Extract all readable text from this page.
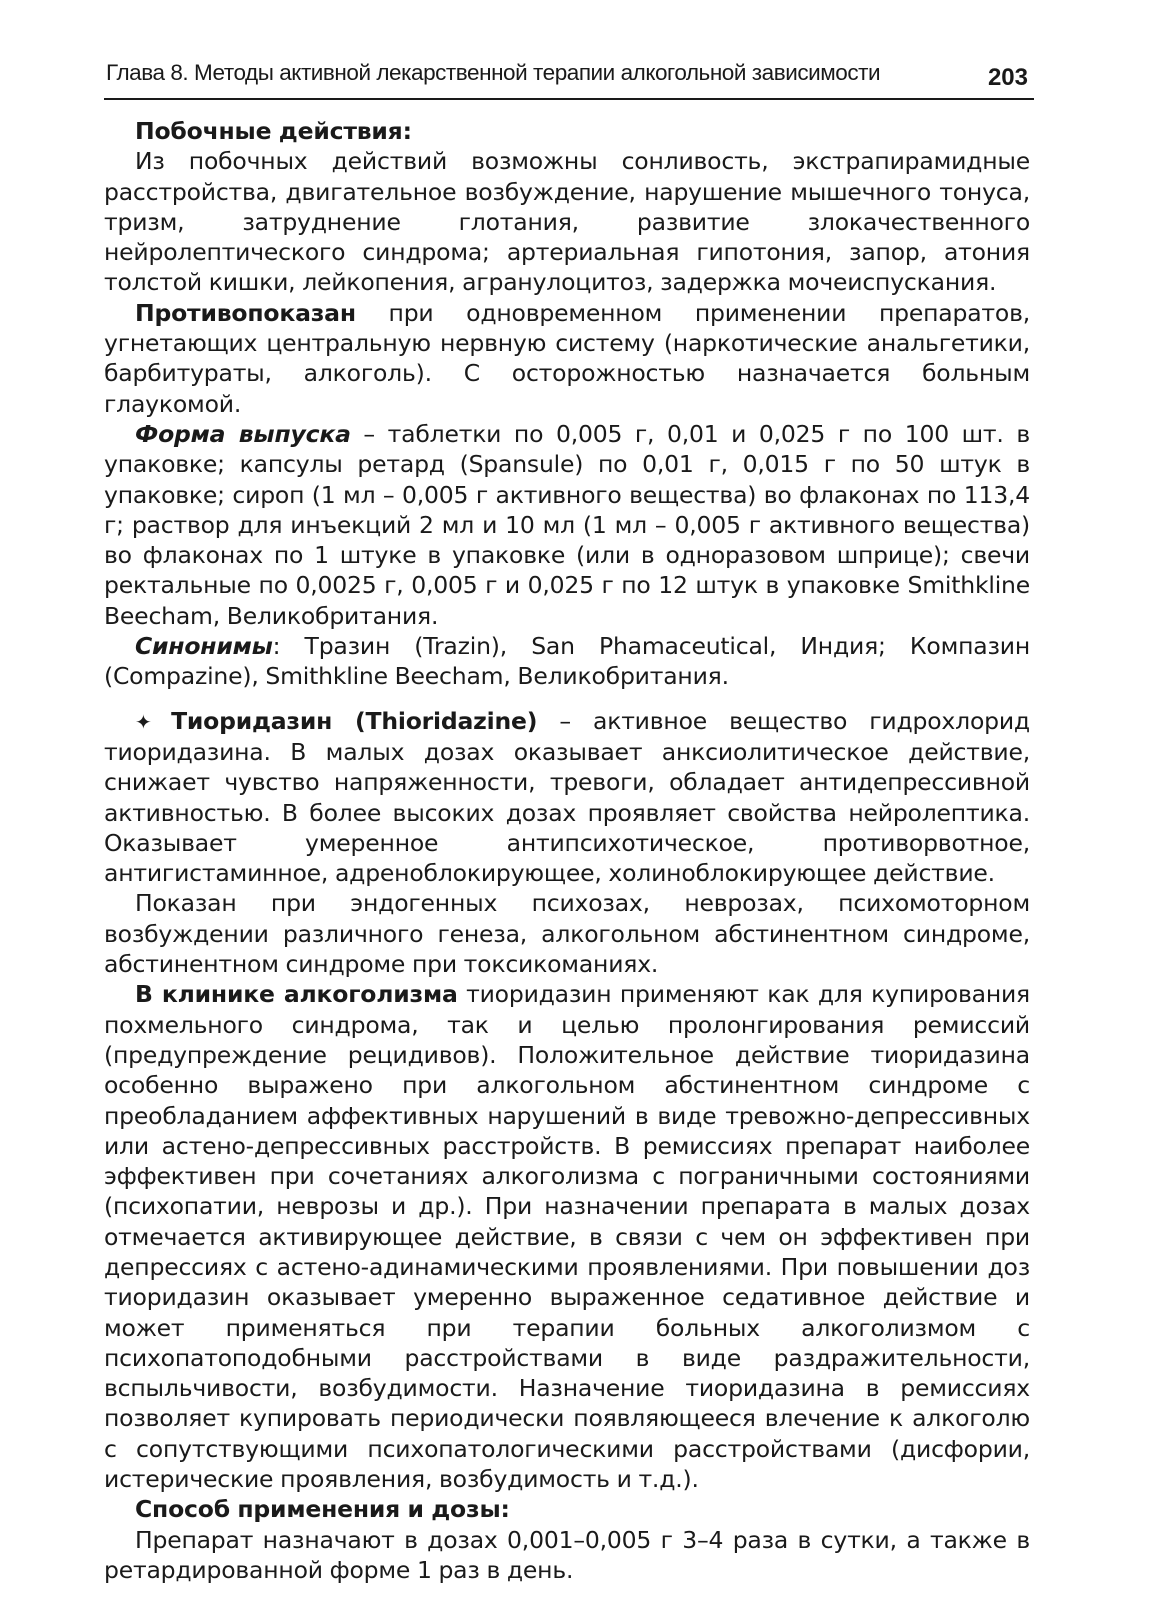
Глава 8. Методы активной лекарственной терапии алкогольной зависимости	203

Побочные действия:

Из побочных действий возможны сонливость, экстрапирамидные расстройства, двигательное возбуждение, нарушение мышечного тонуса, тризм, затруднение глотания, развитие злокачественного нейролептического синдрома; артериальная гипотония, запор, атония толстой кишки, лейкопения, агранулоцитоз, задержка мочеиспускания.

Противопоказан при одновременном применении препаратов, угнетающих центральную нервную систему (наркотические анальгетики, барбитураты, алкоголь). С осторожностью назначается больным глаукомой.

Форма выпуска – таблетки по 0,005 г, 0,01 и 0,025 г по 100 шт. в упаковке; капсулы ретард (Spansule) по 0,01 г, 0,015 г по 50 штук в упаковке; сироп (1 мл – 0,005 г активного вещества) во флаконах по 113,4 г; раствор для инъекций 2 мл и 10 мл (1 мл – 0,005 г активного вещества) во флаконах по 1 штуке в упаковке (или в одноразовом шприце); свечи ректальные по 0,0025 г, 0,005 г и 0,025 г по 12 штук в упаковке Smithkline Beecham, Великобритания.

Синонимы: Тразин (Trazin), San Phamaceutical, Индия; Компазин (Compazine), Smithkline Beecham, Великобритания.

✦ Тиоридазин (Thioridazine) – активное вещество гидрохлорид тиоридазина. В малых дозах оказывает анксиолитическое действие, снижает чувство напряженности, тревоги, обладает антидепрессивной активностью. В более высоких дозах проявляет свойства нейролептика. Оказывает умеренное антипсихотическое, противорвотное, антигистаминное, адреноблокирующее, холиноблокирующее действие.

Показан при эндогенных психозах, неврозах, психомоторном возбуждении различного генеза, алкогольном абстинентном синдроме, абстинентном синдроме при токсикоманиях.

В клинике алкоголизма тиоридазин применяют как для купирования похмельного синдрома, так и целью пролонгирования ремиссий (предупреждение рецидивов). Положительное действие тиоридазина особенно выражено при алкогольном абстинентном синдроме с преобладанием аффективных нарушений в виде тревожно-депрессивных или астено-депрессивных расстройств. В ремиссиях препарат наиболее эффективен при сочетаниях алкоголизма с пограничными состояниями (психопатии, неврозы и др.). При назначении препарата в малых дозах отмечается активирующее действие, в связи с чем он эффективен при депрессиях с астено-адинамическими проявлениями. При повышении доз тиоридазин оказывает умеренно выраженное седативное действие и может применяться при терапии больных алкоголизмом с психопатоподобными расстройствами в виде раздражительности, вспыльчивости, возбудимости. Назначение тиоридазина в ремиссиях позволяет купировать периодически появляющееся влечение к алкоголю с сопутствующими психопатологическими расстройствами (дисфории, истерические проявления, возбудимость и т.д.).

Способ применения и дозы:

Препарат назначают в дозах 0,001–0,005 г 3–4 раза в сутки, а также в ретардированной форме 1 раз в день.
